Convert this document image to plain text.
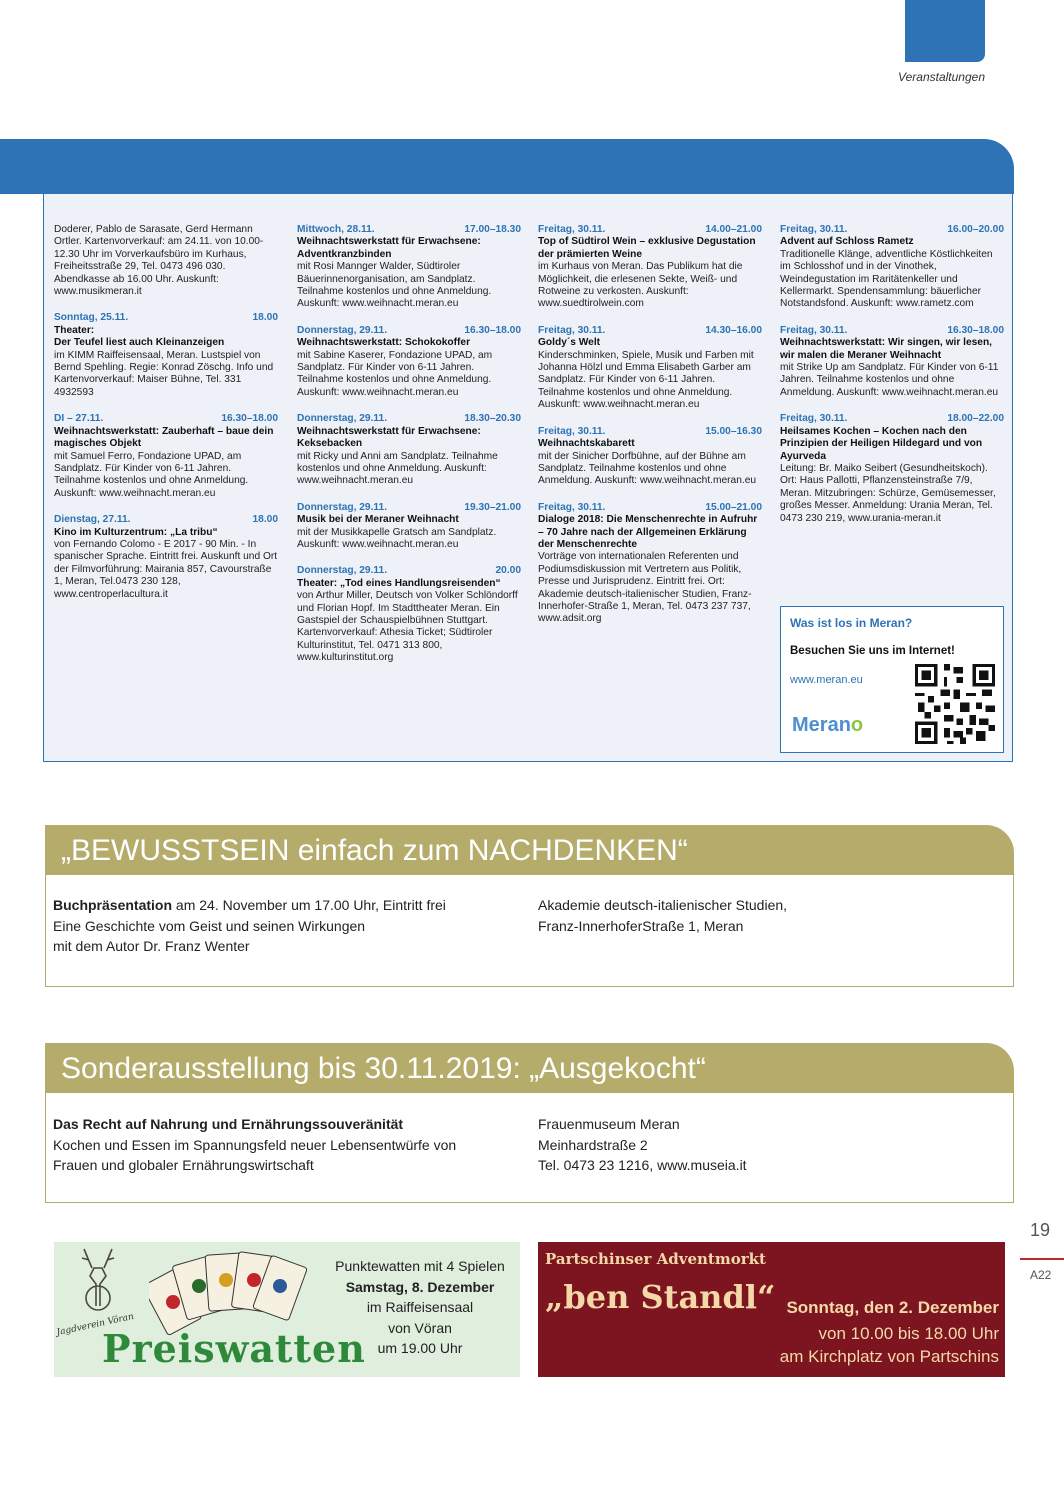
Veranstaltungen
Doderer, Pablo de Sarasate, Gerd Hermann Ortler. Kartenvorverkauf: am 24.11. von 10.00-12.30 Uhr im Vorverkaufsbüro im Kurhaus, Freiheitsstraße 29, Tel. 0473 496 030. Abendkasse ab 16.00 Uhr. Auskunft: www.musikmeran.it
Sonntag, 25.11.	18.00
Theater:
Der Teufel liest auch Kleinanzeigen
im KIMM Raiffeisensaal, Meran. Lustspiel von Bernd Spehling. Regie: Konrad Zöschg. Info und Kartenvorverkauf: Maiser Bühne, Tel. 331 4932593
DI – 27.11.	16.30–18.00
Weihnachtswerkstatt: Zauberhaft – baue dein magisches Objekt
mit Samuel Ferro, Fondazione UPAD, am Sandplatz. Für Kinder von 6-11 Jahren. Teilnahme kostenlos und ohne Anmeldung. Auskunft: www.weihnacht.meran.eu
Dienstag, 27.11.	18.00
Kino im Kulturzentrum: „La tribu“
von Fernando Colomo - E 2017 - 90 Min. - In spanischer Sprache. Eintritt frei. Auskunft und Ort der Filmvorführung: Mairania 857, Cavourstraße 1, Meran, Tel.0473 230 128, www.centroperlacultura.it
Mittwoch, 28.11.	17.00–18.30
Weihnachtswerkstatt für Erwachsene: Adventkranzbinden
mit Rosi Mannger Walder, Südtiroler Bäuerinnenorganisation, am Sandplatz. Teilnahme kostenlos und ohne Anmeldung. Auskunft: www.weihnacht.meran.eu
Donnerstag, 29.11.	16.30–18.00
Weihnachtswerkstatt: Schokokoffer
mit Sabine Kaserer, Fondazione UPAD, am Sandplatz. Für Kinder von 6-11 Jahren. Teilnahme kostenlos und ohne Anmeldung. Auskunft: www.weihnacht.meran.eu
Donnerstag, 29.11.	18.30–20.30
Weihnachtswerkstatt für Erwachsene: Keksebacken
mit Ricky und Anni am Sandplatz. Teilnahme kostenlos und ohne Anmeldung. Auskunft: www.weihnacht.meran.eu
Donnerstag, 29.11.	19.30–21.00
Musik bei der Meraner Weihnacht
mit der Musikkapelle Gratsch am Sandplatz. Auskunft: www.weihnacht.meran.eu
Donnerstag, 29.11.	20.00
Theater: „Tod eines Handlungsreisenden“
von Arthur Miller, Deutsch von Volker Schlöndorff und Florian Hopf. Im Stadttheater Meran. Ein Gastspiel der Schauspielbühnen Stuttgart. Kartenvorverkauf: Athesia Ticket; Südtiroler Kulturinstitut, Tel. 0471 313 800, www.kulturinstitut.org
Freitag, 30.11.	14.00–21.00
Top of Südtirol Wein – exklusive Degustation der prämierten Weine
im Kurhaus von Meran. Das Publikum hat die Möglichkeit, die erlesenen Sekte, Weiß- und Rotweine zu verkosten. Auskunft: www.suedtirolwein.com
Freitag, 30.11.	14.30–16.00
Goldy´s Welt
Kinderschminken, Spiele, Musik und Farben mit Johanna Hölzl und Emma Elisabeth Garber am Sandplatz. Für Kinder von 6-11 Jahren. Teilnahme kostenlos und ohne Anmeldung. Auskunft: www.weihnacht.meran.eu
Freitag, 30.11.	15.00–16.30
Weihnachtskabarett
mit der Sinicher Dorfbühne, auf der Bühne am Sandplatz. Teilnahme kostenlos und ohne Anmeldung. Auskunft: www.weihnacht.meran.eu
Freitag, 30.11.	15.00–21.00
Dialoge 2018: Die Menschenrechte in Aufruhr – 70 Jahre nach der Allgemeinen Erklärung der Menschenrechte
Vorträge von internationalen Referenten und Podiumsdiskussion mit Vertretern aus Politik, Presse und Jurisprudenz. Eintritt frei. Ort: Akademie deutsch-italienischer Studien, Franz-Innerhofer-Straße 1, Meran, Tel. 0473 237 737, www.adsit.org
Freitag, 30.11.	16.00–20.00
Advent auf Schloss Rametz
Traditionelle Klänge, adventliche Köstlichkeiten im Schlosshof und in der Vinothek, Weindegustation im Raritätenkeller und Kellermarkt. Spendensammlung: bäuerlicher Notstandsfond. Auskunft: www.rametz.com
Freitag, 30.11.	16.30–18.00
Weihnachtswerkstatt: Wir singen, wir lesen, wir malen die Meraner Weihnacht
mit Strike Up am Sandplatz. Für Kinder von 6-11 Jahren. Teilnahme kostenlos und ohne Anmeldung. Auskunft: www.weihnacht.meran.eu
Freitag, 30.11.	18.00–22.00
Heilsames Kochen – Kochen nach den Prinzipien der Heiligen Hildegard und von Ayurveda
Leitung: Br. Maiko Seibert (Gesundheitskoch). Ort: Haus Pallotti, Pflanzensteinstraße 7/9, Meran. Mitzubringen: Schürze, Gemüsemesser, großes Messer. Anmeldung: Urania Meran, Tel. 0473 230 219, www.urania-meran.it
Was ist los in Meran?
Besuchen Sie uns im Internet!
www.meran.eu
Merano
„BEWUSSTSEIN einfach zum NACHDENKEN“
Buchpräsentation am 24. November um 17.00 Uhr, Eintritt frei
Eine Geschichte vom Geist und seinen Wirkungen
mit dem Autor Dr. Franz Wenter
Akademie deutsch-italienischer Studien,
Franz-InnerhoferStraße 1, Meran
Sonderausstellung bis 30.11.2019: „Ausgekocht“
Das Recht auf Nahrung und Ernährungssouveränität
Kochen und Essen im Spannungsfeld neuer Lebensentwürfe von
Frauen und globaler Ernährungswirtschaft
Frauenmuseum Meran
Meinhardstraße 2
Tel. 0473 23 1216, www.museia.it
19
A22
Jagdverein Vöran
Preiswatten
Punktewatten mit 4 Spielen
Samstag, 8. Dezember
im Raiffeisensaal
von Vöran
um 19.00 Uhr
Partschinser Adventmorkt
„ben Standl“ Sonntag, den 2. Dezember
von 10.00 bis 18.00 Uhr
am Kirchplatz von Partschins
